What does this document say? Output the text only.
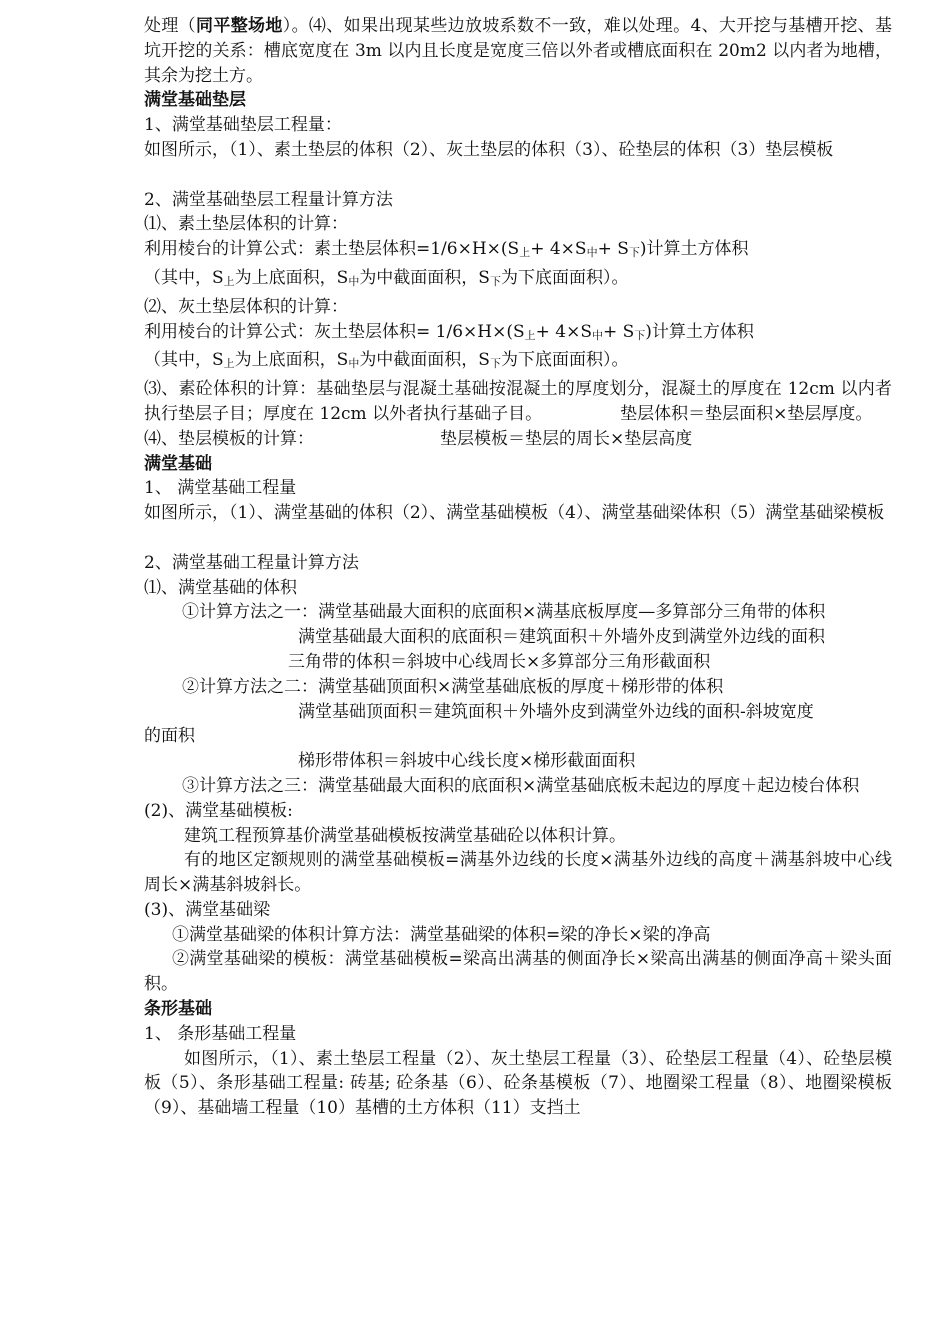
处理（同平整场地）。⑷、如果出现某些边放坡系数不一致，难以处理。4、大开挖与基槽开挖、基坑开挖的关系：槽底宽度在 3m 以内且长度是宽度三倍以外者或槽底面积在 20m2 以内者为地槽，其余为挖土方。

满堂基础垫层

1、满堂基础垫层工程量：

如图所示，（1）、素土垫层的体积（2）、灰土垫层的体积（3）、砼垫层的体积（3）垫层模板

2、满堂基础垫层工程量计算方法

⑴、素土垫层体积的计算：

利用棱台的计算公式：素土垫层体积$=1/6\times H\times(S_上+ 4\times S_中+ S_下)$计算土方体积

（其中，$S_上$为上底面积，$S_中$为中截面面积，$S_下$为下底面面积）。

⑵、灰土垫层体积的计算：

利用棱台的计算公式：灰土垫层体积= $1/6\times H\times(S_上+ 4\times S_中+ S_下)$计算土方体积

（其中，$S_上$为上底面积，$S_中$为中截面面积，$S_下$为下底面面积）。

⑶、素砼体积的计算：基础垫层与混凝土基础按混凝土的厚度划分，混凝土的厚度在 12cm 以内者执行垫层子目；厚度在 12cm 以外者执行基础子目。	垫层体积＝垫层面积×垫层厚度。

⑷、垫层模板的计算：	垫层模板＝垫层的周长×垫层高度

满堂基础

1、 满堂基础工程量

如图所示，（1）、满堂基础的体积（2）、满堂基础模板（4）、满堂基础梁体积（5）满堂基础梁模板

2、满堂基础工程量计算方法

⑴、满堂基础的体积

①计算方法之一：满堂基础最大面积的底面积×满基底板厚度—多算部分三角带的体积

满堂基础最大面积的底面积＝建筑面积＋外墙外皮到满堂外边线的面积

三角带的体积＝斜坡中心线周长×多算部分三角形截面积

②计算方法之二：满堂基础顶面积×满堂基础底板的厚度＋梯形带的体积

满堂基础顶面积＝建筑面积＋外墙外皮到满堂外边线的面积-斜坡宽度

的面积

梯形带体积＝斜坡中心线长度×梯形截面面积

③计算方法之三：满堂基础最大面积的底面积×满堂基础底板未起边的厚度＋起边棱台体积

(2)、满堂基础模板:

建筑工程预算基价满堂基础模板按满堂基础砼以体积计算。

有的地区定额规则的满堂基础模板=满基外边线的长度×满基外边线的高度＋满基斜坡中心线周长×满基斜坡斜长。

(3)、满堂基础梁

①满堂基础梁的体积计算方法：满堂基础梁的体积=梁的净长×梁的净高

②满堂基础梁的模板：满堂基础模板=梁高出满基的侧面净长×梁高出满基的侧面净高＋梁头面积。

条形基础

1、 条形基础工程量

如图所示，（1）、素土垫层工程量（2）、灰土垫层工程量（3）、砼垫层工程量（4）、砼垫层模板（5）、条形基础工程量: 砖基; 砼条基（6）、砼条基模板（7）、地圈梁工程量（8）、地圈梁模板（9）、基础墙工程量（10）基槽的土方体积（11）支挡土
